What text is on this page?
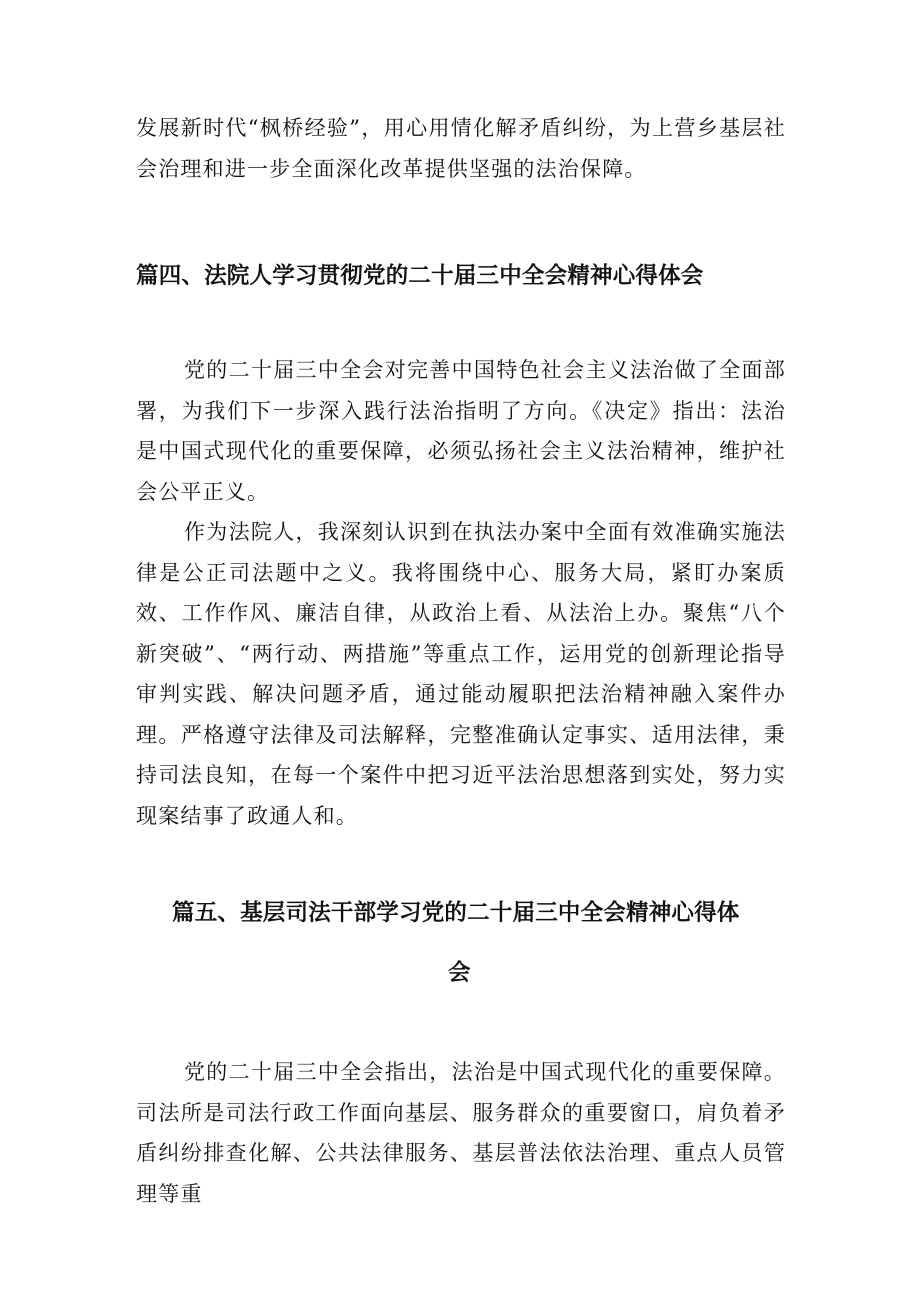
发展新时代“枫桥经验”，用心用情化解矛盾纠纷，为上营乡基层社会治理和进一步全面深化改革提供坚强的法治保障。

篇四、法院人学习贯彻党的二十届三中全会精神心得体会

党的二十届三中全会对完善中国特色社会主义法治做了全面部署，为我们下一步深入践行法治指明了方向。《决定》指出：法治是中国式现代化的重要保障，必须弘扬社会主义法治精神，维护社会公平正义。

作为法院人，我深刻认识到在执法办案中全面有效准确实施法律是公正司法题中之义。我将围绕中心、服务大局，紧盯办案质效、工作作风、廉洁自律，从政治上看、从法治上办。聚焦“八个新突破”、“两行动、两措施”等重点工作，运用党的创新理论指导审判实践、解决问题矛盾，通过能动履职把法治精神融入案件办理。严格遵守法律及司法解释，完整准确认定事实、适用法律，秉持司法良知，在每一个案件中把习近平法治思想落到实处，努力实现案结事了政通人和。

篇五、基层司法干部学习党的二十届三中全会精神心得体
会

党的二十届三中全会指出，法治是中国式现代化的重要保障。司法所是司法行政工作面向基层、服务群众的重要窗口，肩负着矛盾纠纷排查化解、公共法律服务、基层普法依法治理、重点人员管理等重
